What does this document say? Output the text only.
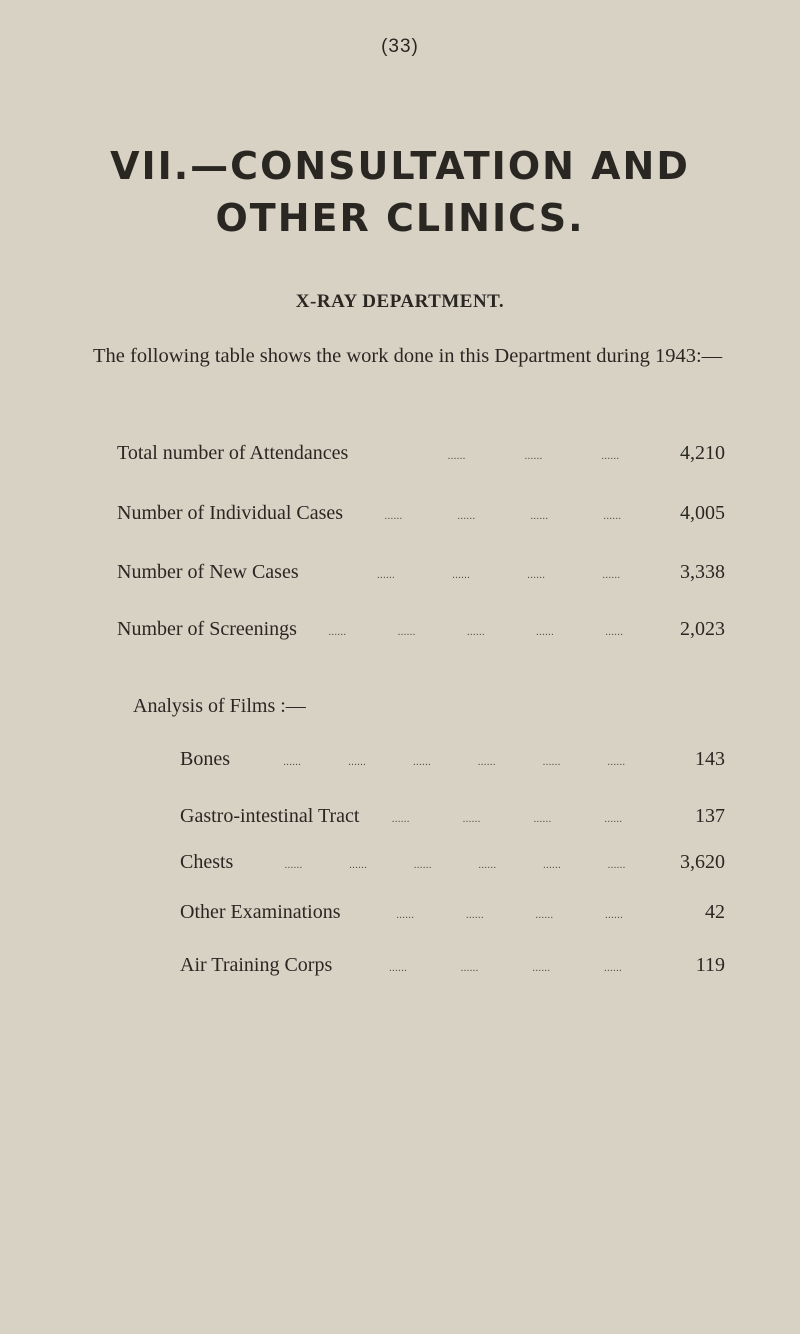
(33)
VII.—CONSULTATION AND
OTHER CLINICS.
X-RAY DEPARTMENT.
The following table shows the work done in this Department during 1943:—
Total number of Attendances	......	......	......	4,210
Number of Individual Cases	......	......	......	......	4,005
Number of New Cases	......	......	......	......	3,338
Number of Screenings	......	......	......	......	......	2,023
Analysis of Films :—
Bones	......	......	......	......	......	......	143
Gastro-intestinal Tract	......	......	......	......	137
Chests	......	......	......	......	......	......	3,620
Other Examinations	......	......	......	......	42
Air Training Corps	......	......	......	......	119
